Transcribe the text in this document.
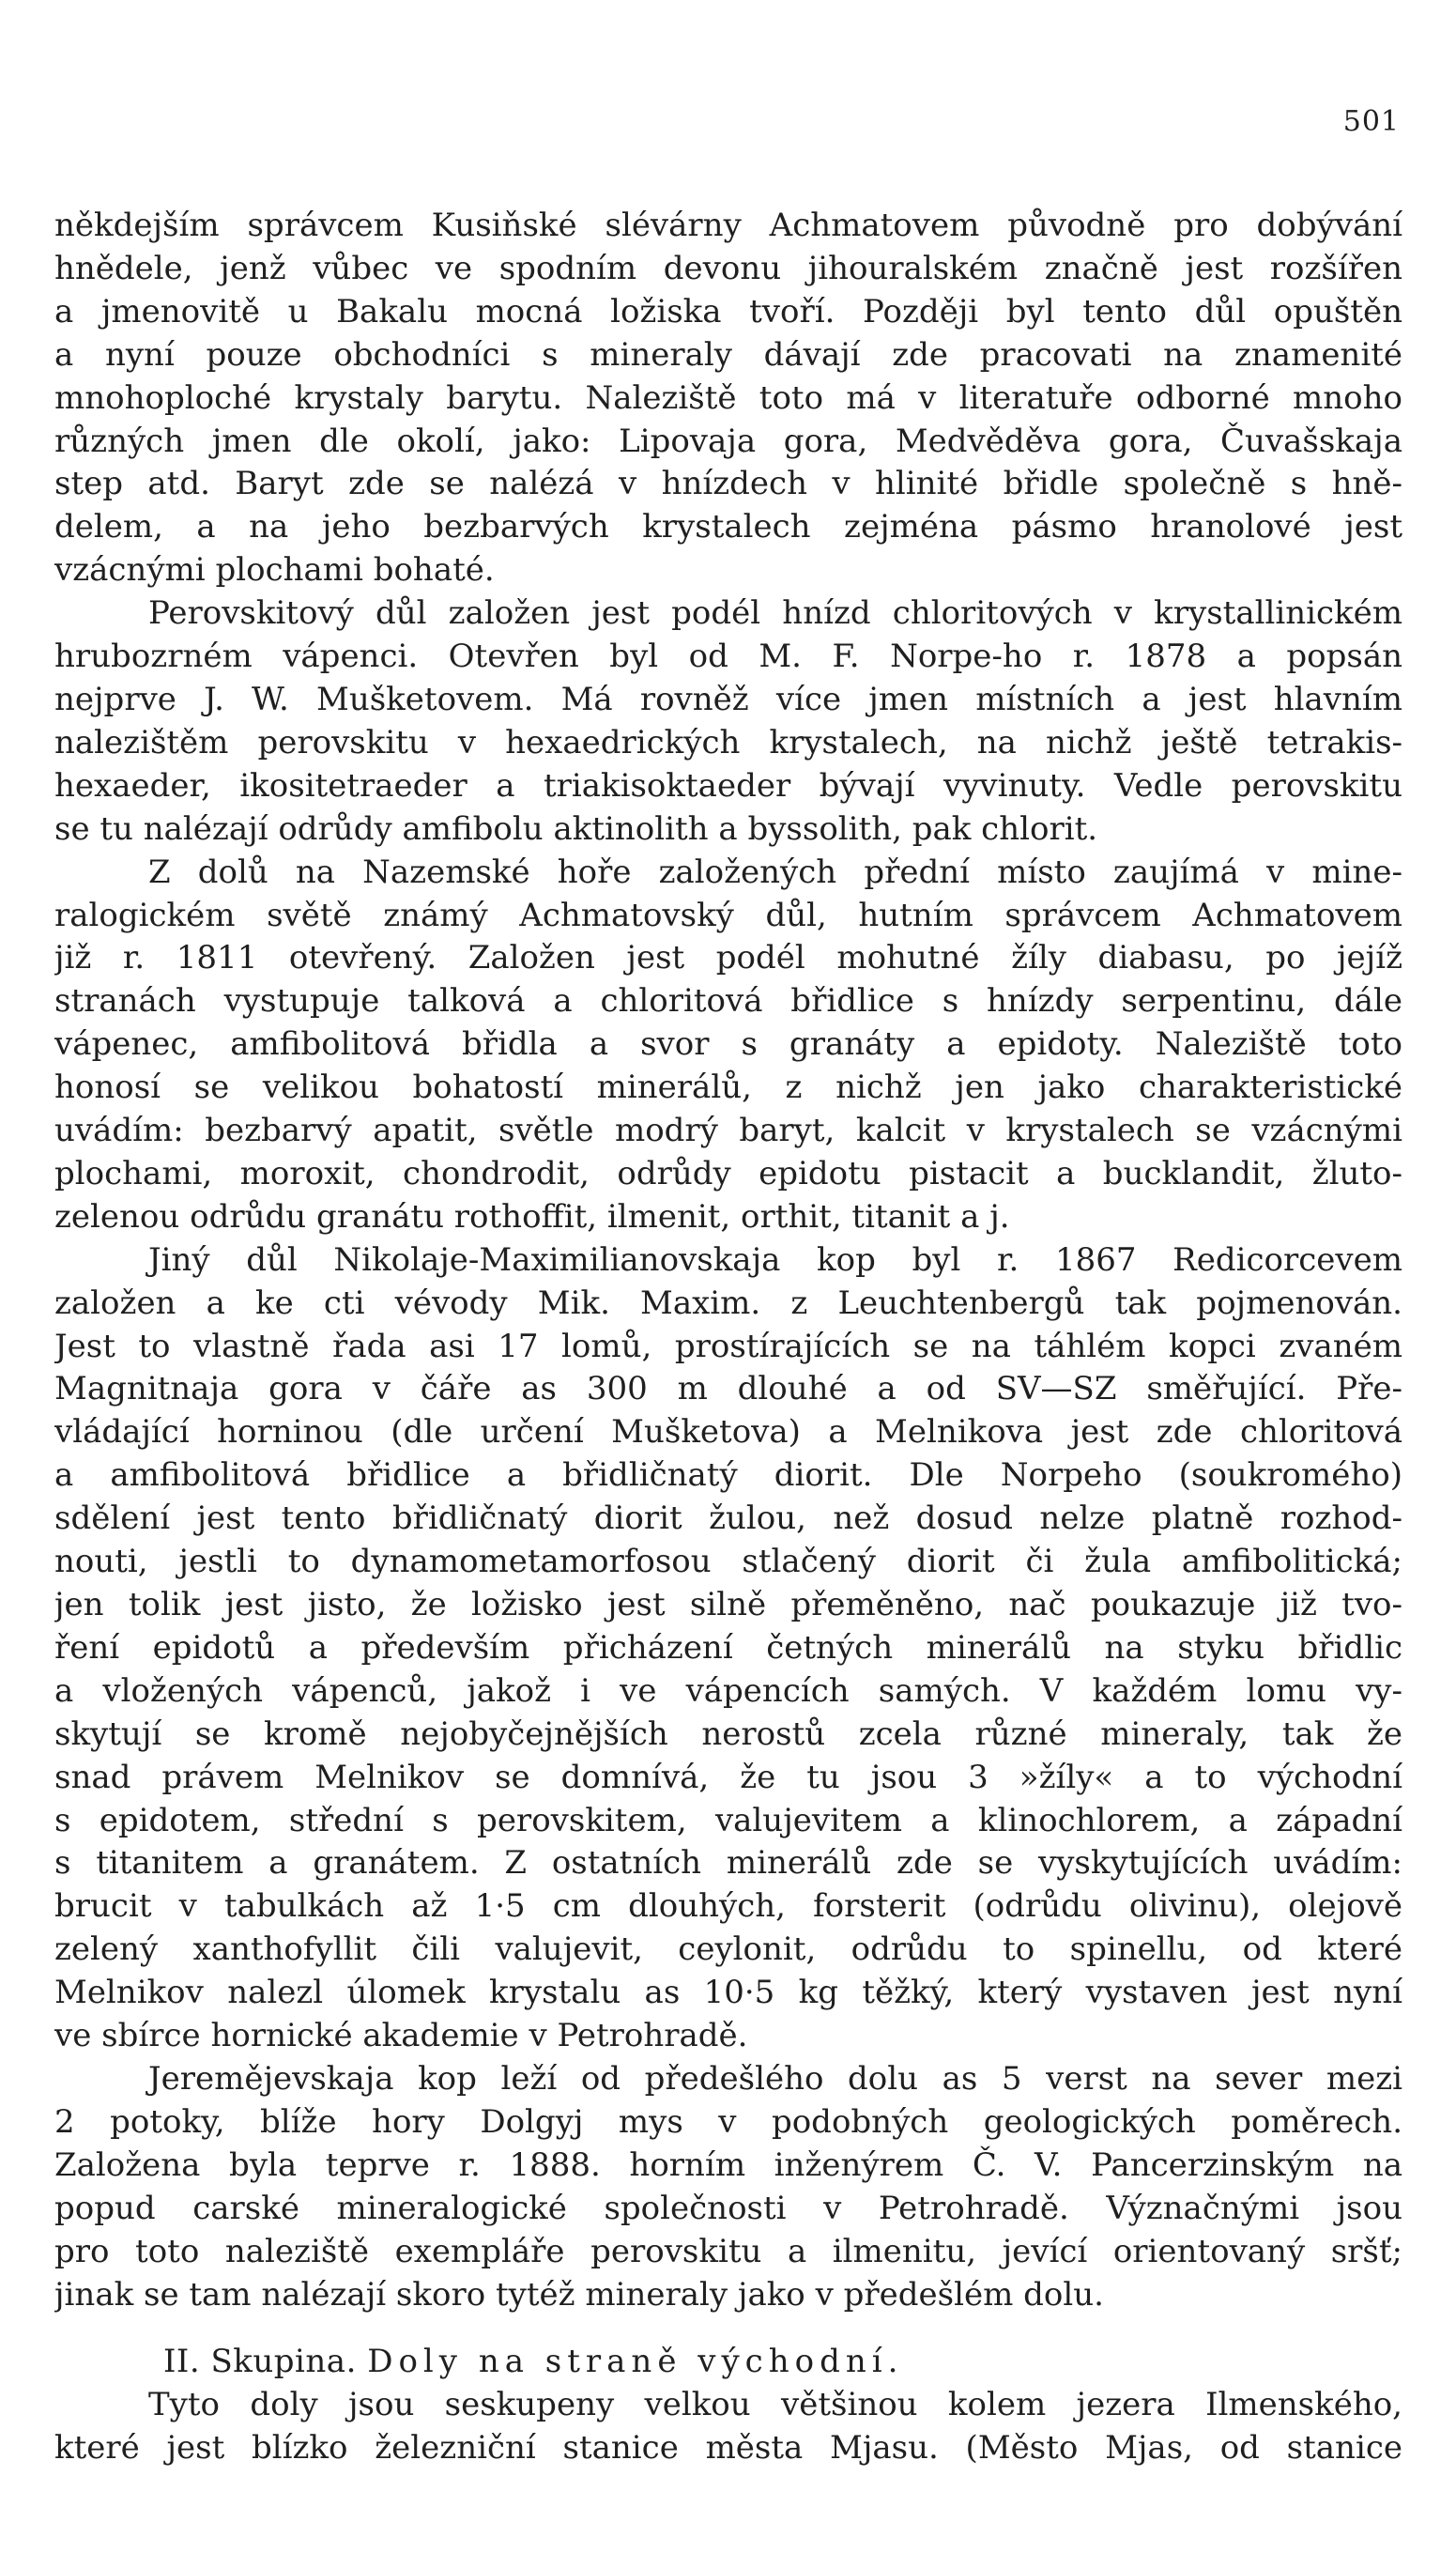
501
někdejším správcem Kusiňské slévárny Achmatovem původně pro dobývání
hnědele, jenž vůbec ve spodním devonu jihouralském značně jest rozšířen
a jmenovitě u Bakalu mocná ložiska tvoří. Později byl tento důl opuštěn
a nyní pouze obchodníci s mineraly dávají zde pracovati na znamenité
mnohoploché krystaly barytu. Naleziště toto má v literatuře odborné mnoho
různých jmen dle okolí, jako: Lipovaja gora, Medvěděva gora, Čuvašskaja
step atd. Baryt zde se nalézá v hnízdech v hlinité břidle společně s hně-
delem, a na jeho bezbarvých krystalech zejména pásmo hranolové jest
vzácnými plochami bohaté.
Perovskitový důl založen jest podél hnízd chloritových v krystallinickém
hrubozrném vápenci. Otevřen byl od M. F. Norpe-ho r. 1878 a popsán
nejprve J. W. Mušketovem. Má rovněž více jmen místních a jest hlavním
nalezištěm perovskitu v hexaedrických krystalech, na nichž ještě tetrakis-
hexaeder, ikositetraeder a triakisoktaeder bývají vyvinuty. Vedle perovskitu
se tu nalézají odrůdy amfibolu aktinolith a byssolith, pak chlorit.
Z dolů na Nazemské hoře založených přední místo zaujímá v mine-
ralogickém světě známý Achmatovský důl, hutním správcem Achmatovem
již r. 1811 otevřený. Založen jest podél mohutné žíly diabasu, po jejíž
stranách vystupuje talková a chloritová břidlice s hnízdy serpentinu, dále
vápenec, amfibolitová břidla a svor s granáty a epidoty. Naleziště toto
honosí se velikou bohatostí minerálů, z nichž jen jako charakteristické
uvádím: bezbarvý apatit, světle modrý baryt, kalcit v krystalech se vzácnými
plochami, moroxit, chondrodit, odrůdy epidotu pistacit a bucklandit, žluto-
zelenou odrůdu granátu rothoffit, ilmenit, orthit, titanit a j.
Jiný důl Nikolaje-Maximilianovskaja kop byl r. 1867 Redicorcevem
založen a ke cti vévody Mik. Maxim. z Leuchtenbergů tak pojmenován.
Jest to vlastně řada asi 17 lomů, prostírajících se na táhlém kopci zvaném
Magnitnaja gora v čáře as 300 m dlouhé a od SV—SZ směřující. Pře-
vládající horninou (dle určení Mušketova) a Melnikova jest zde chloritová
a amfibolitová břidlice a břidličnatý diorit. Dle Norpeho (soukromého)
sdělení jest tento břidličnatý diorit žulou, než dosud nelze platně rozhod-
nouti, jestli to dynamometamorfosou stlačený diorit či žula amfibolitická;
jen tolik jest jisto, že ložisko jest silně přeměněno, nač poukazuje již tvo-
ření epidotů a především přicházení četných minerálů na styku břidlic
a vložených vápenců, jakož i ve vápencích samých. V každém lomu vy-
skytují se kromě nejobyčejnějších nerostů zcela různé mineraly, tak že
snad právem Melnikov se domnívá, že tu jsou 3 »žíly« a to východní
s epidotem, střední s perovskitem, valujevitem a klinochlorem, a západní
s titanitem a granátem. Z ostatních minerálů zde se vyskytujících uvádím:
brucit v tabulkách až 1·5 cm dlouhých, forsterit (odrůdu olivinu), olejově
zelený xanthofyllit čili valujevit, ceylonit, odrůdu to spinellu, od které
Melnikov nalezl úlomek krystalu as 10·5 kg těžký, který vystaven jest nyní
ve sbírce hornické akademie v Petrohradě.
Jeremějevskaja kop leží od předešlého dolu as 5 verst na sever mezi
2 potoky, blíže hory Dolgyj mys v podobných geologických poměrech.
Založena byla teprve r. 1888. horním inženýrem Č. V. Pancerzinským na
popud carské mineralogické společnosti v Petrohradě. Význačnými jsou
pro toto naleziště exempláře perovskitu a ilmenitu, jevící orientovaný sršť;
jinak se tam nalézají skoro tytéž mineraly jako v předešlém dolu.
II. Skupina. Doly na straně východní.
Tyto doly jsou seskupeny velkou většinou kolem jezera Ilmenského,
které jest blízko železniční stanice města Mjasu. (Město Mjas, od stanice
